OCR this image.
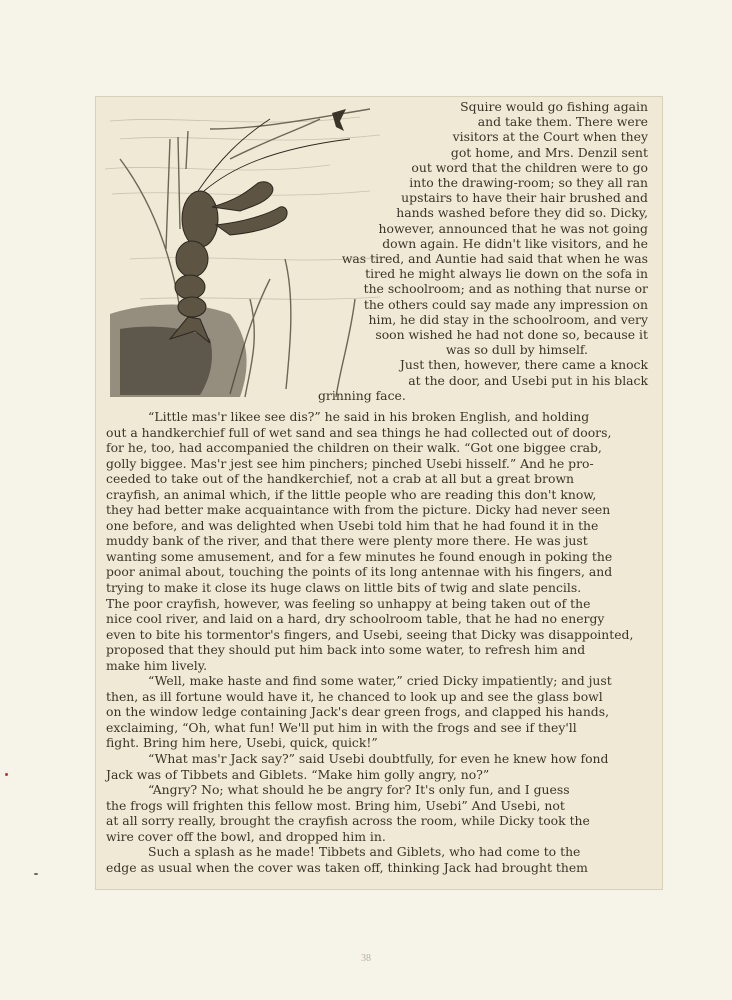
Squire would go fishing again
and take them. There were
visitors at the Court when they
got home, and Mrs. Denzil sent
out word that the children were to go
into the drawing-room; so they all ran
upstairs to have their hair brushed and
hands washed before they did so. Dicky,
however, announced that he was not going
down again. He didn't like visitors, and he
was tired, and Auntie had said that when he was
tired he might always lie down on the sofa in
the schoolroom; and as nothing that nurse or
the others could say made any impression on
him, he did stay in the schoolroom, and very
soon wished he had not done so, because it
was so dull by himself.
Just then, however, there came a knock
at the door, and Usebi put in his black
grinning face.
“Little mas'r likee see dis?” he said in his broken English, and holding
out a handkerchief full of wet sand and sea things he had collected out of doors,
for he, too, had accompanied the children on their walk. “Got one biggee crab,
golly biggee. Mas'r jest see him pinchers; pinched Usebi hisself.” And he pro-
ceeded to take out of the handkerchief, not a crab at all but a great brown
crayfish, an animal which, if the little people who are reading this don't know,
they had better make acquaintance with from the picture. Dicky had never seen
one before, and was delighted when Usebi told him that he had found it in the
muddy bank of the river, and that there were plenty more there. He was just
wanting some amusement, and for a few minutes he found enough in poking the
poor animal about, touching the points of its long antennae with his fingers, and
trying to make it close its huge claws on little bits of twig and slate pencils.
The poor crayfish, however, was feeling so unhappy at being taken out of the
nice cool river, and laid on a hard, dry schoolroom table, that he had no energy
even to bite his tormentor's fingers, and Usebi, seeing that Dicky was disappointed,
proposed that they should put him back into some water, to refresh him and
make him lively.
“Well, make haste and find some water,” cried Dicky impatiently; and just
then, as ill fortune would have it, he chanced to look up and see the glass bowl
on the window ledge containing Jack's dear green frogs, and clapped his hands,
exclaiming, “Oh, what fun! We'll put him in with the frogs and see if they'll
fight. Bring him here, Usebi, quick, quick!”
“What mas'r Jack say?” said Usebi doubtfully, for even he knew how fond
Jack was of Tibbets and Giblets. “Make him golly angry, no?”
“Angry? No; what should he be angry for? It's only fun, and I guess
the frogs will frighten this fellow most. Bring him, Usebi” And Usebi, not
at all sorry really, brought the crayfish across the room, while Dicky took the
wire cover off the bowl, and dropped him in.
Such a splash as he made! Tibbets and Giblets, who had come to the
edge as usual when the cover was taken off, thinking Jack had brought them
38
